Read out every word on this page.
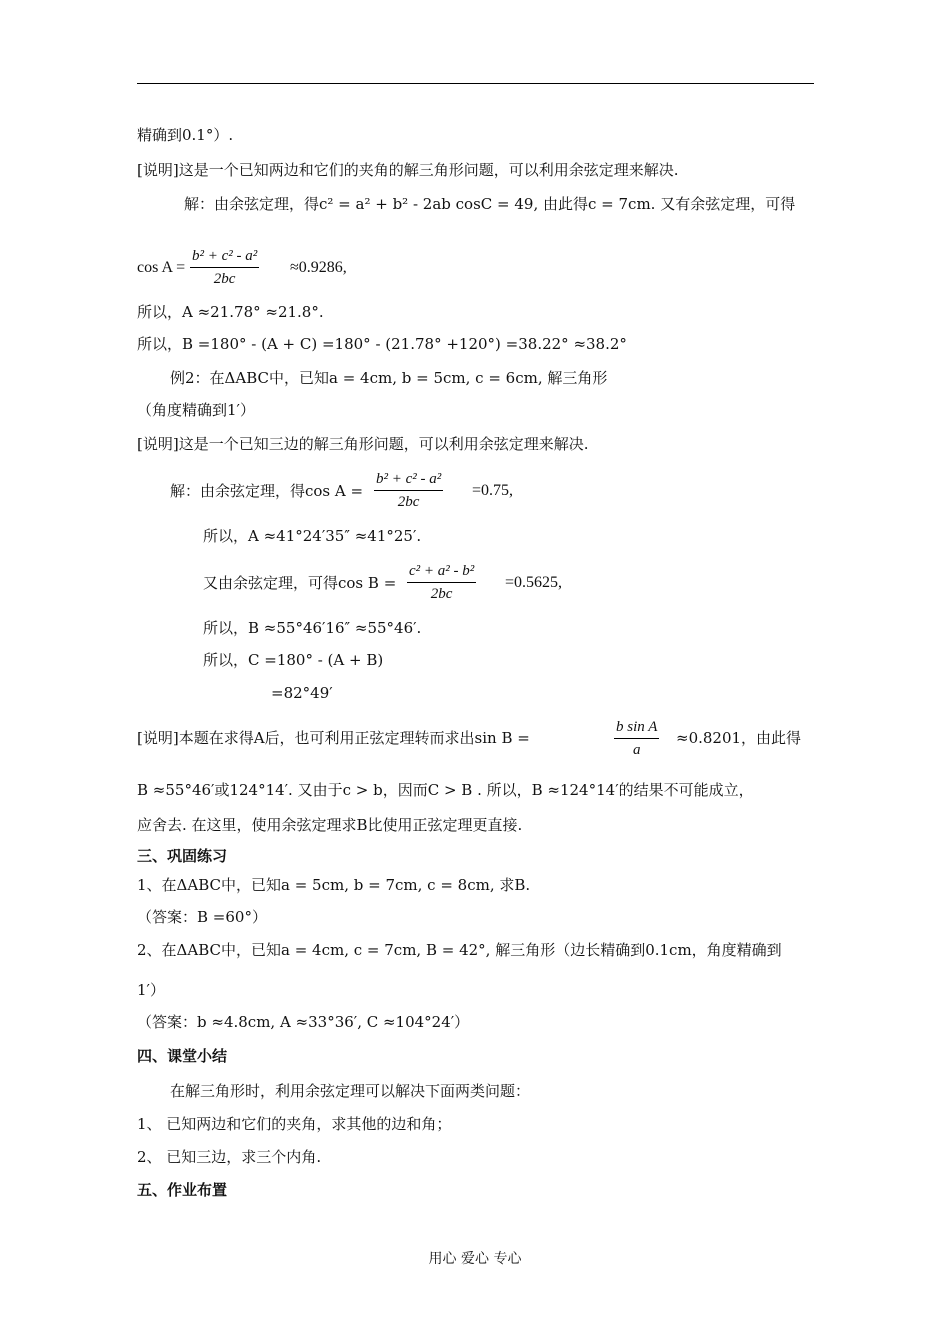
精确到0.1°）.
[说明]这是一个已知两边和它们的夹角的解三角形问题，可以利用余弦定理来解决.
解：由余弦定理，得c² = a² + b² - 2ab cosC = 49, 由此得c = 7cm. 又有余弦定理，可得
$\cos A = \frac{\text{b² + c² - a²}}{2bc} \approx 0.9286$,
所以，A ≈21.78° ≈21.8°.
所以，B =180° - (A + C) =180° - (21.78° +120°) =38.22° ≈38.2°
例2：在ΔABC中，已知a = 4cm, b = 5cm, c = 6cm, 解三角形
（角度精确到1′）
[说明]这是一个已知三边的解三角形问题，可以利用余弦定理来解决.
解：由余弦定理，得$\cos A = \frac{\text{b² + c² - a²}}{2bc} =0.75$,
所以，A ≈41°24′35″ ≈41°25′.
又由余弦定理，可得$\cos B = \frac{\text{c² + a² - b²}}{2bc} =0.5625$,
所以，B ≈55°46′16″ ≈55°46′.
所以，C =180° - (A + B)
=82°49′
[说明]本题在求得A后，也可利用正弦定理转而求出sin B =	$\frac{\text{b sin A}}{a} \approx 0.8201$，由此得
B ≈55°46′或124°14′. 又由于c > b，因而C > B . 所以，B ≈124°14′的结果不可能成立，
应舍去. 在这里，使用余弦定理求B比使用正弦定理更直接.
三、巩固练习
1、在ΔABC中，已知a = 5cm, b = 7cm, c = 8cm, 求B.
（答案：B =60°）
2、在ΔABC中，已知a = 4cm, c = 7cm, B = 42°, 解三角形（边长精确到0.1cm，角度精确到
1′）
（答案：b ≈4.8cm, A ≈33°36′, C ≈104°24′）
四、课堂小结
在解三角形时，利用余弦定理可以解决下面两类问题：
1、 已知两边和它们的夹角，求其他的边和角；
2、 已知三边，求三个内角.
五、作业布置
用心 爱心 专心
